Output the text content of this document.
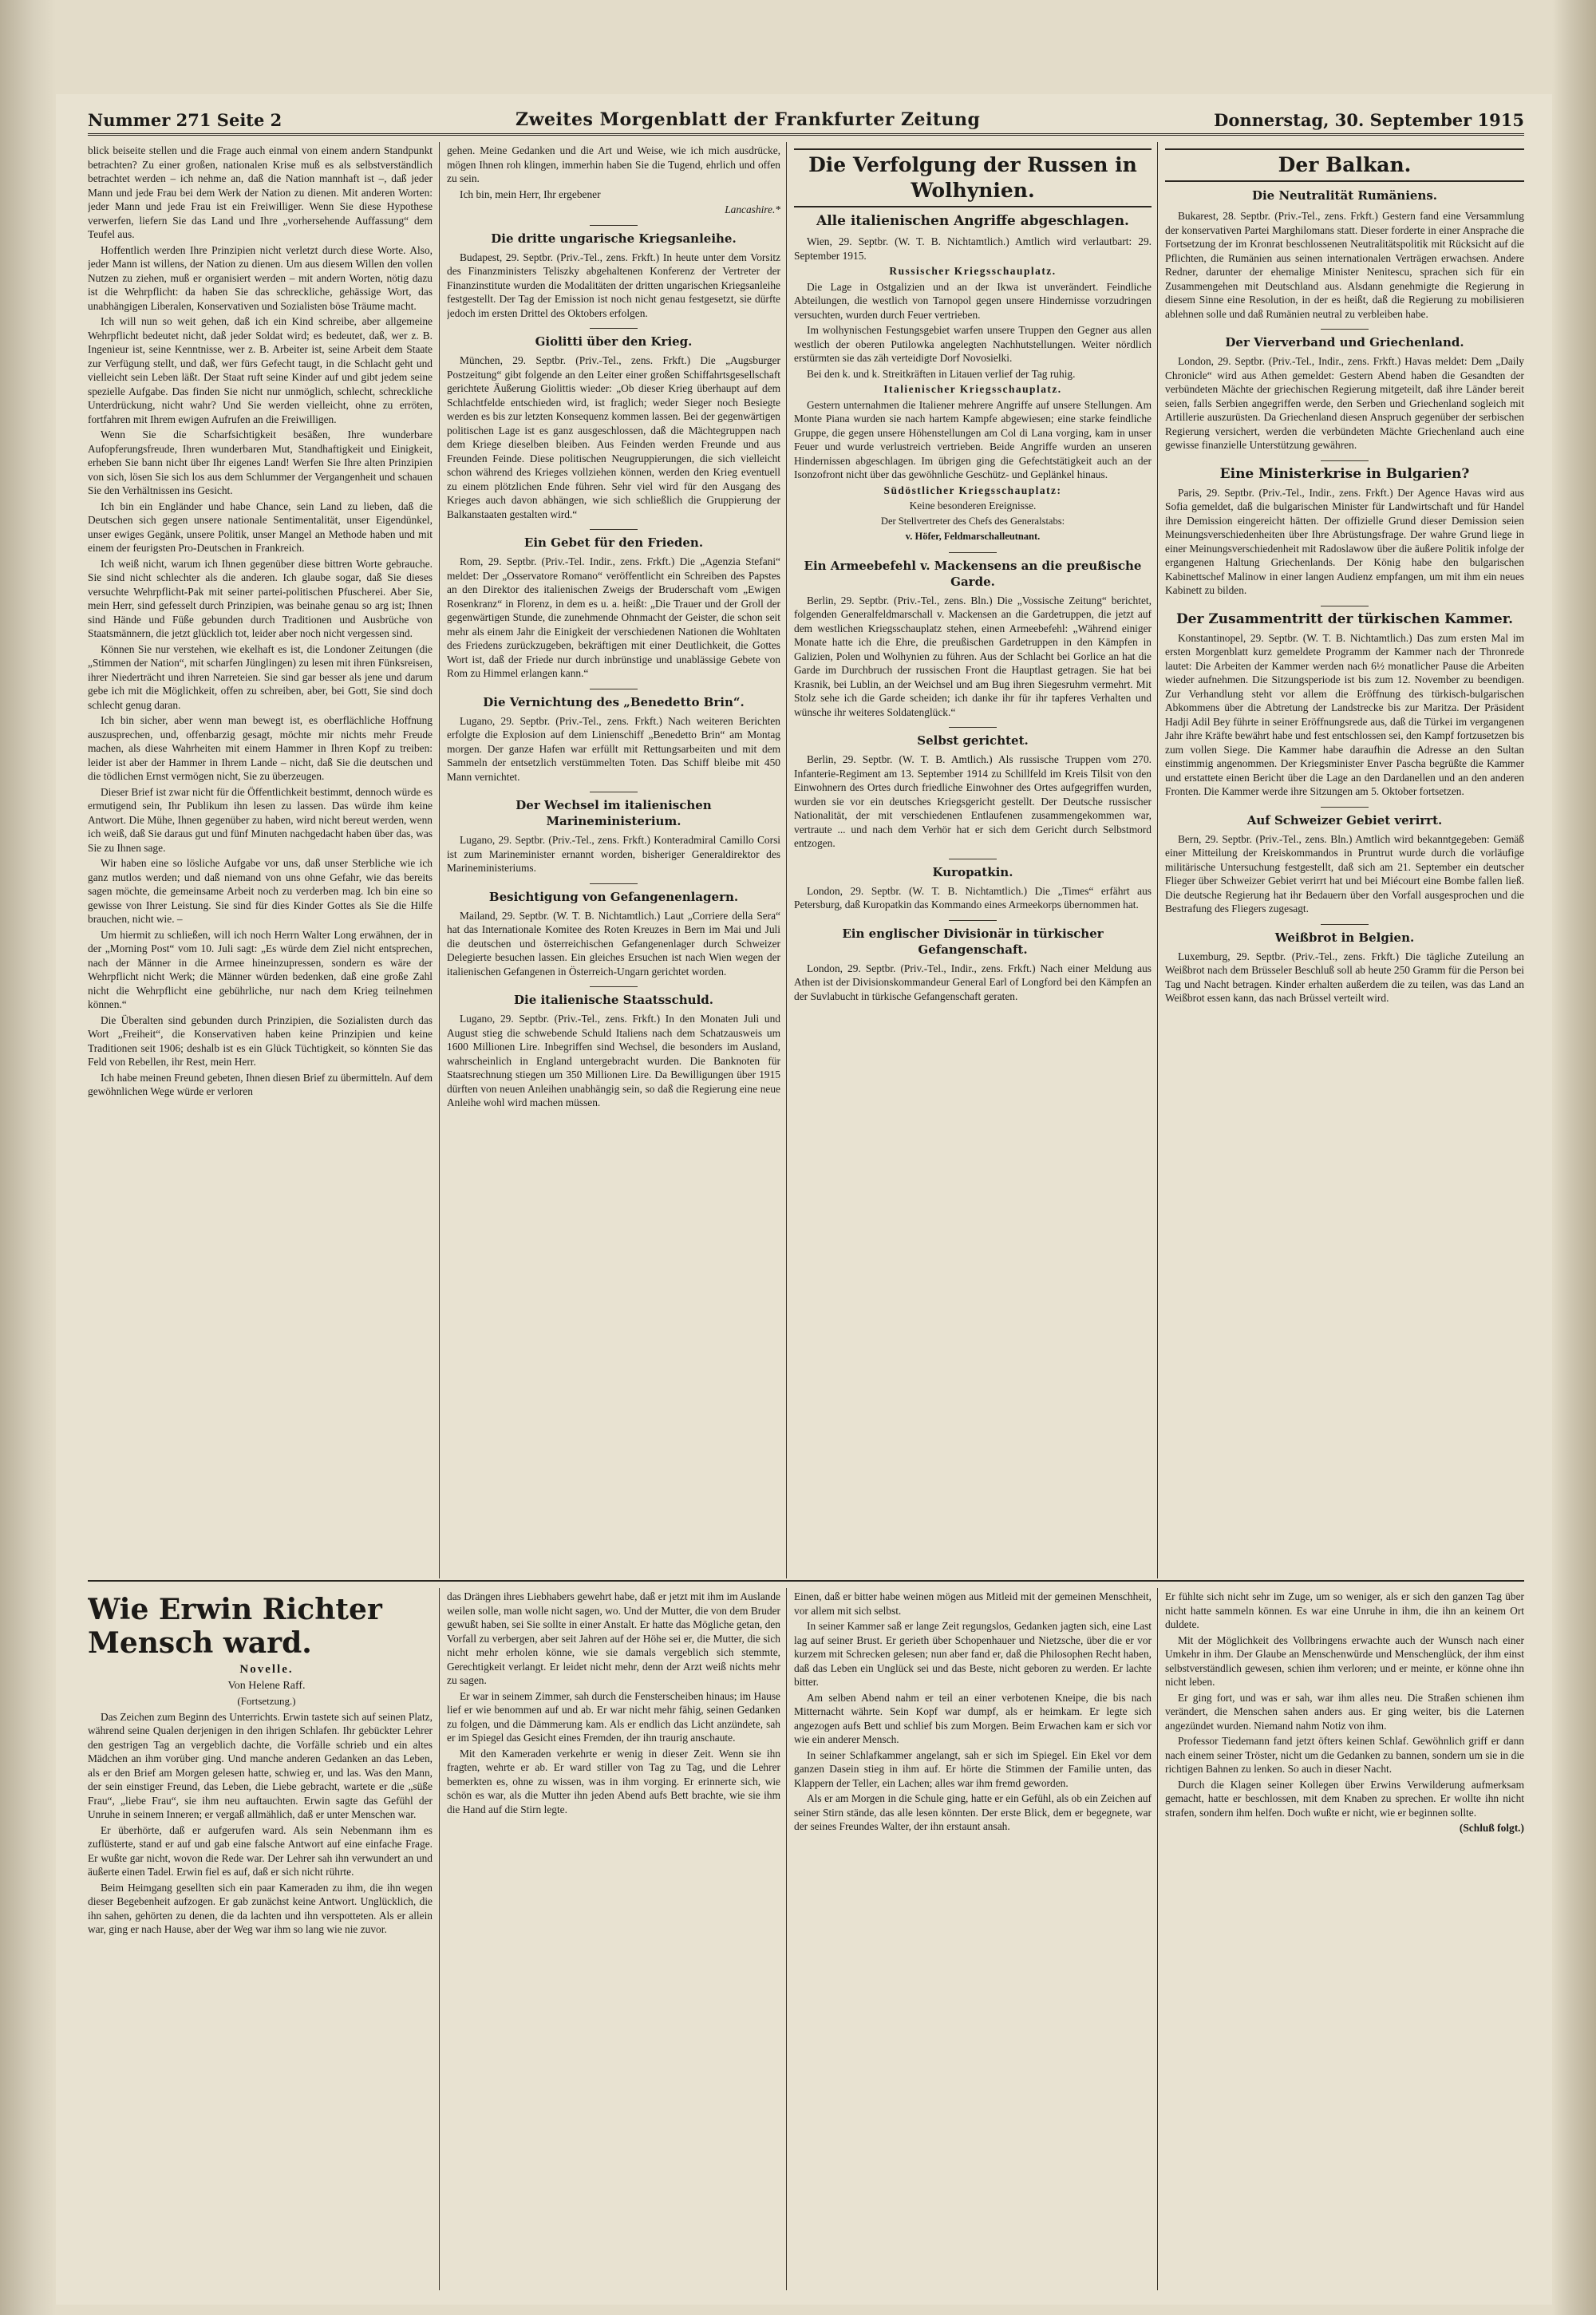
Nummer 271 Seite 2	Zweites Morgenblatt der Frankfurter Zeitung	Donnerstag, 30. September 1915

blick beiseite stellen und die Frage auch einmal von einem andern Standpunkt betrachten? Zu einer großen, nationalen Krise muß es als selbstverständlich betrachtet werden – ich nehme an, daß die Nation mannhaft ist –, daß jeder Mann und jede Frau bei dem Werk der Nation zu dienen. Mit anderen Worten: jeder Mann und jede Frau ist ein Freiwilliger. Wenn Sie diese Hypothese verwerfen, liefern Sie das Land und Ihre „vorhersehende Auffassung“ dem Teufel aus.

Hoffentlich werden Ihre Prinzipien nicht verletzt durch diese Worte. Also, jeder Mann ist willens, der Nation zu dienen. Um aus diesem Willen den vollen Nutzen zu ziehen, muß er organisiert werden – mit andern Worten, nötig dazu ist die Wehrpflicht: da haben Sie das schreckliche, gehässige Wort, das unabhängigen Liberalen, Konservativen und Sozialisten böse Träume macht.

Ich will nun so weit gehen, daß ich ein Kind schreibe, aber allgemeine Wehrpflicht bedeutet nicht, daß jeder Soldat wird; es bedeutet, daß, wer z. B. Ingenieur ist, seine Kenntnisse, wer z. B. Arbeiter ist, seine Arbeit dem Staate zur Verfügung stellt, und daß, wer fürs Gefecht taugt, in die Schlacht geht und vielleicht sein Leben läßt. Der Staat ruft seine Kinder auf und gibt jedem seine spezielle Aufgabe. Das finden Sie nicht nur unmöglich, schlecht, schreckliche Unterdrückung, nicht wahr? Und Sie werden vielleicht, ohne zu erröten, fortfahren mit Ihrem ewigen Aufrufen an die Freiwilligen.

Wenn Sie die Scharfsichtigkeit besäßen, Ihre wunderbare Aufopferungsfreude, Ihren wunderbaren Mut, Standhaftigkeit und Einigkeit, erheben Sie bann nicht über Ihr eigenes Land! Werfen Sie Ihre alten Prinzipien von sich, lösen Sie sich los aus dem Schlummer der Vergangenheit und schauen Sie den Verhältnissen ins Gesicht.

Ich bin ein Engländer und habe Chance, sein Land zu lieben, daß die Deutschen sich gegen unsere nationale Sentimentalität, unser Eigendünkel, unser ewiges Gegänk, unsere Politik, unser Mangel an Methode haben und mit einem der feurigsten Pro-Deutschen in Frankreich.

Ich weiß nicht, warum ich Ihnen gegenüber diese bittren Worte gebrauche. Sie sind nicht schlechter als die anderen. Ich glaube sogar, daß Sie dieses versuchte Wehrpflicht-Pak mit seiner partei-politischen Pfuscherei. Aber Sie, mein Herr, sind gefesselt durch Prinzipien, was beinahe genau so arg ist; Ihnen sind Hände und Füße gebunden durch Traditionen und Ausbrüche von Staatsmännern, die jetzt glücklich tot, leider aber noch nicht vergessen sind.

Können Sie nur verstehen, wie ekelhaft es ist, die Londoner Zeitungen (die „Stimmen der Nation“, mit scharfen Jünglingen) zu lesen mit ihren Fünksreisen, ihrer Niederträcht und ihren Narreteien. Sie sind gar besser als jene und darum gebe ich mit die Möglichkeit, offen zu schreiben, aber, bei Gott, Sie sind doch schlecht genug daran.

Ich bin sicher, aber wenn man bewegt ist, es oberflächliche Hoffnung auszusprechen, und, offenbarzig gesagt, möchte mir nichts mehr Freude machen, als diese Wahrheiten mit einem Hammer in Ihren Kopf zu treiben: leider ist aber der Hammer in Ihrem Lande – nicht, daß Sie die deutschen und die tödlichen Ernst vermögen nicht, Sie zu überzeugen.

Dieser Brief ist zwar nicht für die Öffentlichkeit bestimmt, dennoch würde es ermutigend sein, Ihr Publikum ihn lesen zu lassen. Das würde ihm keine Antwort. Die Mühe, Ihnen gegenüber zu haben, wird nicht bereut werden, wenn ich weiß, daß Sie daraus gut und fünf Minuten nachgedacht haben über das, was Sie zu Ihnen sage.

Wir haben eine so lösliche Aufgabe vor uns, daß unser Sterbliche wie ich ganz mutlos werden; und daß niemand von uns ohne Gefahr, wie das bereits sagen möchte, die gemeinsame Arbeit noch zu verderben mag. Ich bin eine so gewisse von Ihrer Leistung. Sie sind für dies Kinder Gottes als Sie die Hilfe brauchen, nicht wie. –

Um hiermit zu schließen, will ich noch Herrn Walter Long erwähnen, der in der „Morning Post“ vom 10. Juli sagt: „Es würde dem Ziel nicht entsprechen, nach der Männer in die Armee hineinzupressen, sondern es wäre der Wehrpflicht nicht Werk; die Männer würden bedenken, daß eine große Zahl nicht die Wehrpflicht eine gebührliche, nur nach dem Krieg teilnehmen können.“

Die Überalten sind gebunden durch Prinzipien, die Sozialisten durch das Wort „Freiheit“, die Konservativen haben keine Prinzipien und keine Traditionen seit 1906; deshalb ist es ein Glück Tüchtigkeit, so könnten Sie das Feld von Rebellen, ihr Rest, mein Herr.

Ich habe meinen Freund gebeten, Ihnen diesen Brief zu übermitteln. Auf dem gewöhnlichen Wege würde er verloren

gehen. Meine Gedanken und die Art und Weise, wie ich mich ausdrücke, mögen Ihnen roh klingen, immerhin haben Sie die Tugend, ehrlich und offen zu sein.

Ich bin, mein Herr, Ihr ergebener

Lancashire.*

Die dritte ungarische Kriegsanleihe.

Budapest, 29. Septbr. (Priv.-Tel., zens. Frkft.) In heute unter dem Vorsitz des Finanzministers Teliszky abgehaltenen Konferenz der Vertreter der Finanzinstitute wurden die Modalitäten der dritten ungarischen Kriegsanleihe festgestellt. Der Tag der Emission ist noch nicht genau festgesetzt, sie dürfte jedoch im ersten Drittel des Oktobers erfolgen.

Giolitti über den Krieg.

München, 29. Septbr. (Priv.-Tel., zens. Frkft.) Die „Augsburger Postzeitung“ gibt folgende an den Leiter einer großen Schiffahrtsgesellschaft gerichtete Äußerung Giolittis wieder: „Ob dieser Krieg überhaupt auf dem Schlachtfelde entschieden wird, ist fraglich; weder Sieger noch Besiegte werden es bis zur letzten Konsequenz kommen lassen. Bei der gegenwärtigen politischen Lage ist es ganz ausgeschlossen, daß die Mächtegruppen nach dem Kriege dieselben bleiben. Aus Feinden werden Freunde und aus Freunden Feinde. Diese politischen Neugruppierungen, die sich vielleicht schon während des Krieges vollziehen können, werden den Krieg eventuell zu einem plötzlichen Ende führen. Sehr viel wird für den Ausgang des Krieges auch davon abhängen, wie sich schließlich die Gruppierung der Balkanstaaten gestalten wird.“

Ein Gebet für den Frieden.

Rom, 29. Septbr. (Priv.-Tel. Indir., zens. Frkft.) Die „Agenzia Stefani“ meldet: Der „Osservatore Romano“ veröffentlicht ein Schreiben des Papstes an den Direktor des italienischen Zweigs der Bruderschaft vom „Ewigen Rosenkranz“ in Florenz, in dem es u. a. heißt: „Die Trauer und der Groll der gegenwärtigen Stunde, die zunehmende Ohnmacht der Geister, die schon seit mehr als einem Jahr die Einigkeit der verschiedenen Nationen die Wohltaten des Friedens zurückzugeben, bekräftigen mit einer Deutlichkeit, die Gottes Wort ist, daß der Friede nur durch inbrünstige und unablässige Gebete von Rom zu Himmel erlangen kann.“

Die Vernichtung des „Benedetto Brin“.

Lugano, 29. Septbr. (Priv.-Tel., zens. Frkft.) Nach weiteren Berichten erfolgte die Explosion auf dem Linienschiff „Benedetto Brin“ am Montag morgen. Der ganze Hafen war erfüllt mit Rettungsarbeiten und mit dem Sammeln der entsetzlich verstümmelten Toten. Das Schiff bleibe mit 450 Mann vernichtet.

Der Wechsel im italienischen Marineministerium.

Lugano, 29. Septbr. (Priv.-Tel., zens. Frkft.) Konteradmiral Camillo Corsi ist zum Marineminister ernannt worden, bisheriger Generaldirektor des Marineministeriums.

Besichtigung von Gefangenenlagern.

Mailand, 29. Septbr. (W. T. B. Nichtamtlich.) Laut „Corriere della Sera“ hat das Internationale Komitee des Roten Kreuzes in Bern im Mai und Juli die deutschen und österreichischen Gefangenenlager durch Schweizer Delegierte besuchen lassen. Ein gleiches Ersuchen ist nach Wien wegen der italienischen Gefangenen in Österreich-Ungarn gerichtet worden.

Die italienische Staatsschuld.

Lugano, 29. Septbr. (Priv.-Tel., zens. Frkft.) In den Monaten Juli und August stieg die schwebende Schuld Italiens nach dem Schatzausweis um 1600 Millionen Lire. Inbegriffen sind Wechsel, die besonders im Ausland, wahrscheinlich in England untergebracht wurden. Die Banknoten für Staatsrechnung stiegen um 350 Millionen Lire. Da Bewilligungen über 1915 dürften von neuen Anleihen unabhängig sein, so daß die Regierung eine neue Anleihe wohl wird machen müssen.

Die Verfolgung der Russen in Wolhynien.
Alle italienischen Angriffe abgeschlagen.

Wien, 29. Septbr. (W. T. B. Nichtamtlich.) Amtlich wird verlautbart: 29. September 1915.

Russischer Kriegsschauplatz.

Die Lage in Ostgalizien und an der Ikwa ist unverändert. Feindliche Abteilungen, die westlich von Tarnopol gegen unsere Hindernisse vorzudringen versuchten, wurden durch Feuer vertrieben.

Im wolhynischen Festungsgebiet warfen unsere Truppen den Gegner aus allen westlich der oberen Putilowka angelegten Nachhutstellungen. Weiter nördlich erstürmten sie das zäh verteidigte Dorf Novosielki.

Bei den k. und k. Streitkräften in Litauen verlief der Tag ruhig.

Italienischer Kriegsschauplatz.

Gestern unternahmen die Italiener mehrere Angriffe auf unsere Stellungen. Am Monte Piana wurden sie nach hartem Kampfe abgewiesen; eine starke feindliche Gruppe, die gegen unsere Höhenstellungen am Col di Lana vorging, kam in unser Feuer und wurde verlustreich vertrieben. Beide Angriffe wurden an unseren Hindernissen abgeschlagen. Im übrigen ging die Gefechtstätigkeit auch an der Isonzofront nicht über das gewöhnliche Geschütz- und Geplänkel hinaus.

Südöstlicher Kriegsschauplatz:

Keine besonderen Ereignisse.

Der Stellvertreter des Chefs des Generalstabs:

v. Höfer, Feldmarschalleutnant.

Ein Armeebefehl v. Mackensens an die preußische Garde.

Berlin, 29. Septbr. (Priv.-Tel., zens. Bln.) Die „Vossische Zeitung“ berichtet, folgenden Generalfeldmarschall v. Mackensen an die Gardetruppen, die jetzt auf dem westlichen Kriegsschauplatz stehen, einen Armeebefehl: „Während einiger Monate hatte ich die Ehre, die preußischen Gardetruppen in den Kämpfen in Galizien, Polen und Wolhynien zu führen. Aus der Schlacht bei Gorlice an hat die Garde im Durchbruch der russischen Front die Hauptlast getragen. Sie hat bei Krasnik, bei Lublin, an der Weichsel und am Bug ihren Siegesruhm vermehrt. Mit Stolz sehe ich die Garde scheiden; ich danke ihr für ihr tapferes Verhalten und wünsche ihr weiteres Soldatenglück.“

Selbst gerichtet.

Berlin, 29. Septbr. (W. T. B. Amtlich.) Als russische Truppen vom 270. Infanterie-Regiment am 13. September 1914 zu Schillfeld im Kreis Tilsit von den Einwohnern des Ortes durch friedliche Einwohner des Ortes aufgegriffen wurden, wurden sie vor ein deutsches Kriegsgericht gestellt. Der Deutsche russischer Nationalität, der mit verschiedenen Entlaufenen zusammengekommen war, vertraute ... und nach dem Verhör hat er sich dem Gericht durch Selbstmord entzogen.

Kuropatkin.

London, 29. Septbr. (W. T. B. Nichtamtlich.) Die „Times“ erfährt aus Petersburg, daß Kuropatkin das Kommando eines Armeekorps übernommen hat.

Ein englischer Divisionär in türkischer Gefangenschaft.

London, 29. Septbr. (Priv.-Tel., Indir., zens. Frkft.) Nach einer Meldung aus Athen ist der Divisionskommandeur General Earl of Longford bei den Kämpfen an der Suvlabucht in türkische Gefangenschaft geraten.

Der Balkan.
Die Neutralität Rumäniens.

Bukarest, 28. Septbr. (Priv.-Tel., zens. Frkft.) Gestern fand eine Versammlung der konservativen Partei Marghilomans statt. Dieser forderte in einer Ansprache die Fortsetzung der im Kronrat beschlossenen Neutralitätspolitik mit Rücksicht auf die Pflichten, die Rumänien aus seinen internationalen Verträgen erwachsen. Andere Redner, darunter der ehemalige Minister Nenitescu, sprachen sich für ein Zusammengehen mit Deutschland aus. Alsdann genehmigte die Regierung in diesem Sinne eine Resolution, in der es heißt, daß die Regierung zu mobilisieren ablehnen solle und daß Rumänien neutral zu verbleiben habe.

Der Vierverband und Griechenland.

London, 29. Septbr. (Priv.-Tel., Indir., zens. Frkft.) Havas meldet: Dem „Daily Chronicle“ wird aus Athen gemeldet: Gestern Abend haben die Gesandten der verbündeten Mächte der griechischen Regierung mitgeteilt, daß ihre Länder bereit seien, falls Serbien angegriffen werde, den Serben und Griechenland sogleich mit Artillerie auszurüsten. Da Griechenland diesen Anspruch gegenüber der serbischen Regierung versichert, werden die verbündeten Mächte Griechenland auch eine gewisse finanzielle Unterstützung gewähren.

Eine Ministerkrise in Bulgarien?

Paris, 29. Septbr. (Priv.-Tel., Indir., zens. Frkft.) Der Agence Havas wird aus Sofia gemeldet, daß die bulgarischen Minister für Landwirtschaft und für Handel ihre Demission eingereicht hätten. Der offizielle Grund dieser Demission seien Meinungsverschiedenheiten über Ihre Abrüstungsfrage. Der wahre Grund liege in einer Meinungsverschiedenheit mit Radoslawow über die äußere Politik infolge der ergangenen Haltung Griechenlands. Der König habe den bulgarischen Kabinettschef Malinow in einer langen Audienz empfangen, um mit ihm ein neues Kabinett zu bilden.

Der Zusammentritt der türkischen Kammer.

Konstantinopel, 29. Septbr. (W. T. B. Nichtamtlich.) Das zum ersten Mal im ersten Morgenblatt kurz gemeldete Programm der Kammer nach der Thronrede lautet: Die Arbeiten der Kammer werden nach 6½ monatlicher Pause die Arbeiten wieder aufnehmen. Die Sitzungsperiode ist bis zum 12. November zu beendigen. Zur Verhandlung steht vor allem die Eröffnung des türkisch-bulgarischen Abkommens über die Abtretung der Landstrecke bis zur Maritza. Der Präsident Hadji Adil Bey führte in seiner Eröffnungsrede aus, daß die Türkei im vergangenen Jahr ihre Kräfte bewährt habe und fest entschlossen sei, den Kampf fortzusetzen bis zum vollen Siege. Die Kammer habe daraufhin die Adresse an den Sultan einstimmig angenommen. Der Kriegsminister Enver Pascha begrüßte die Kammer und erstattete einen Bericht über die Lage an den Dardanellen und an den anderen Fronten. Die Kammer werde ihre Sitzungen am 5. Oktober fortsetzen.

Auf Schweizer Gebiet verirrt.

Bern, 29. Septbr. (Priv.-Tel., zens. Bln.) Amtlich wird bekanntgegeben: Gemäß einer Mitteilung der Kreiskommandos in Pruntrut wurde durch die vorläufige militärische Untersuchung festgestellt, daß sich am 21. September ein deutscher Flieger über Schweizer Gebiet verirrt hat und bei Miécourt eine Bombe fallen ließ. Die deutsche Regierung hat ihr Bedauern über den Vorfall ausgesprochen und die Bestrafung des Fliegers zugesagt.

Weißbrot in Belgien.

Luxemburg, 29. Septbr. (Priv.-Tel., zens. Frkft.) Die tägliche Zuteilung an Weißbrot nach dem Brüsseler Beschluß soll ab heute 250 Gramm für die Person bei Tag und Nacht betragen. Kinder erhalten außerdem die zu teilen, was das Land an Weißbrot essen kann, das nach Brüssel verteilt wird.

Wie Erwin Richter Mensch ward.

Novelle.

Von Helene Raff.

(Fortsetzung.)

Das Zeichen zum Beginn des Unterrichts. Erwin tastete sich auf seinen Platz, während seine Qualen derjenigen in den ihrigen Schlafen. Ihr gebückter Lehrer den gestrigen Tag an vergeblich dachte, die Vorfälle schrieb und ein altes Mädchen an ihm vorüber ging. Und manche anderen Gedanken an das Leben, als er den Brief am Morgen gelesen hatte, schwieg er, und las. Was den Mann, der sein einstiger Freund, das Leben, die Liebe gebracht, wartete er die „süße Frau“, „liebe Frau“, sie ihm neu auftauchten. Erwin sagte das Gefühl der Unruhe in seinem Inneren; er vergaß allmählich, daß er unter Menschen war.

Er überhörte, daß er aufgerufen ward. Als sein Nebenmann ihm es zuflüsterte, stand er auf und gab eine falsche Antwort auf eine einfache Frage. Er wußte gar nicht, wovon die Rede war. Der Lehrer sah ihn verwundert an und äußerte einen Tadel. Erwin fiel es auf, daß er sich nicht rührte.

Beim Heimgang gesellten sich ein paar Kameraden zu ihm, die ihn wegen dieser Begebenheit aufzogen. Er gab zunächst keine Antwort. Unglücklich, die ihn sahen, gehörten zu denen, die da lachten und ihn verspotteten. Als er allein war, ging er nach Hause, aber der Weg war ihm so lang wie nie zuvor.

das Drängen ihres Liebhabers gewehrt habe, daß er jetzt mit ihm im Auslande weilen solle, man wolle nicht sagen, wo. Und der Mutter, die von dem Bruder gewußt haben, sei Sie sollte in einer Anstalt. Er hatte das Mögliche getan, den Vorfall zu verbergen, aber seit Jahren auf der Höhe sei er, die Mutter, die sich nicht mehr erholen könne, wie sie damals vergeblich sich stemmte, Gerechtigkeit verlangt. Er leidet nicht mehr, denn der Arzt weiß nichts mehr zu sagen.

Er war in seinem Zimmer, sah durch die Fensterscheiben hinaus; im Hause lief er wie benommen auf und ab. Er war nicht mehr fähig, seinen Gedanken zu folgen, und die Dämmerung kam. Als er endlich das Licht anzündete, sah er im Spiegel das Gesicht eines Fremden, der ihn traurig anschaute.

Mit den Kameraden verkehrte er wenig in dieser Zeit. Wenn sie ihn fragten, wehrte er ab. Er ward stiller von Tag zu Tag, und die Lehrer bemerkten es, ohne zu wissen, was in ihm vorging. Er erinnerte sich, wie schön es war, als die Mutter ihn jeden Abend aufs Bett brachte, wie sie ihm die Hand auf die Stirn legte.

Einen, daß er bitter habe weinen mögen aus Mitleid mit der gemeinen Menschheit, vor allem mit sich selbst.

In seiner Kammer saß er lange Zeit regungslos, Gedanken jagten sich, eine Last lag auf seiner Brust. Er gerieth über Schopenhauer und Nietzsche, über die er vor kurzem mit Schrecken gelesen; nun aber fand er, daß die Philosophen Recht haben, daß das Leben ein Unglück sei und das Beste, nicht geboren zu werden. Er lachte bitter.

Am selben Abend nahm er teil an einer verbotenen Kneipe, die bis nach Mitternacht währte. Sein Kopf war dumpf, als er heimkam. Er legte sich angezogen aufs Bett und schlief bis zum Morgen. Beim Erwachen kam er sich vor wie ein anderer Mensch.

In seiner Schlafkammer angelangt, sah er sich im Spiegel. Ein Ekel vor dem ganzen Dasein stieg in ihm auf. Er hörte die Stimmen der Familie unten, das Klappern der Teller, ein Lachen; alles war ihm fremd geworden.

Als er am Morgen in die Schule ging, hatte er ein Gefühl, als ob ein Zeichen auf seiner Stirn stände, das alle lesen könnten. Der erste Blick, dem er begegnete, war der seines Freundes Walter, der ihn erstaunt ansah.

Er fühlte sich nicht sehr im Zuge, um so weniger, als er sich den ganzen Tag über nicht hatte sammeln können. Es war eine Unruhe in ihm, die ihn an keinem Ort duldete.

Mit der Möglichkeit des Vollbringens erwachte auch der Wunsch nach einer Umkehr in ihm. Der Glaube an Menschenwürde und Menschenglück, der ihm einst selbstverständlich gewesen, schien ihm verloren; und er meinte, er könne ohne ihn nicht leben.

Er ging fort, und was er sah, war ihm alles neu. Die Straßen schienen ihm verändert, die Menschen sahen anders aus. Er ging weiter, bis die Laternen angezündet wurden. Niemand nahm Notiz von ihm.

Professor Tiedemann fand jetzt öfters keinen Schlaf. Gewöhnlich griff er dann nach einem seiner Tröster, nicht um die Gedanken zu bannen, sondern um sie in die richtigen Bahnen zu lenken. So auch in dieser Nacht.

Durch die Klagen seiner Kollegen über Erwins Verwilderung aufmerksam gemacht, hatte er beschlossen, mit dem Knaben zu sprechen. Er wollte ihn nicht strafen, sondern ihm helfen. Doch wußte er nicht, wie er beginnen sollte.

(Schluß folgt.)
